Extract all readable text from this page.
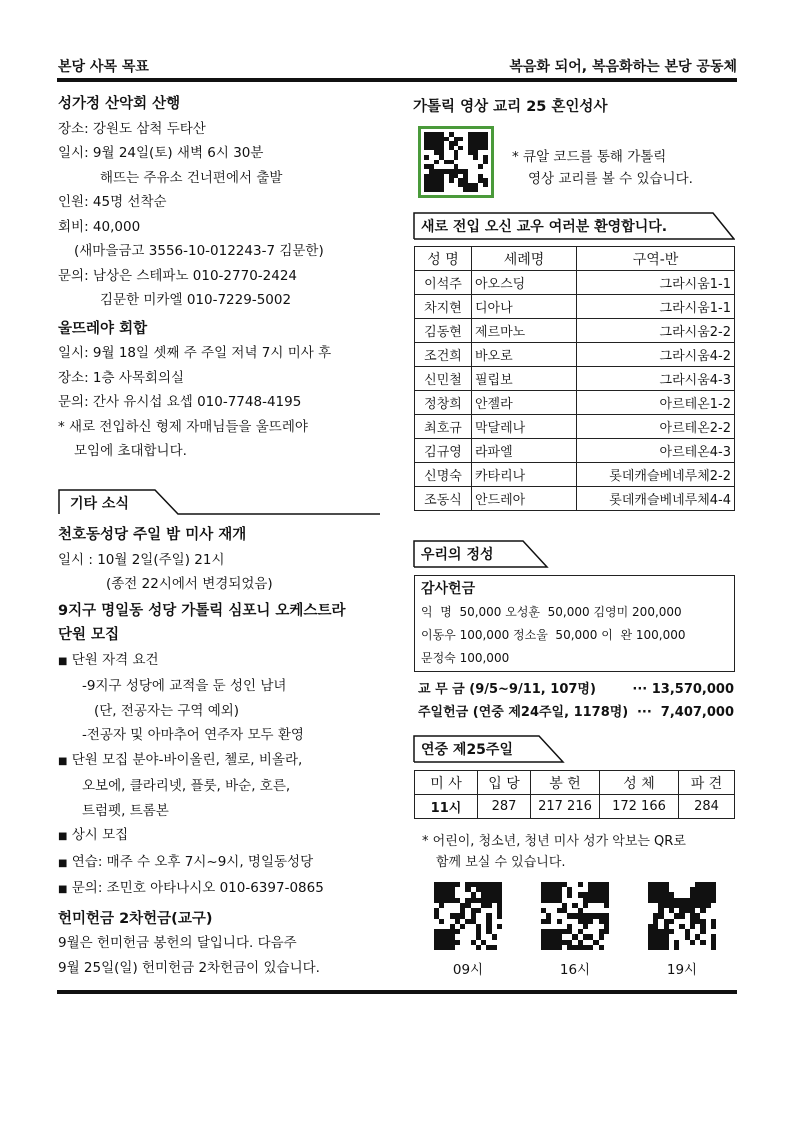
본당 사목 목표	복음화 되어, 복음화하는 본당 공동체

성가정 산악회 산행

장소: 강원도 삼척 두타산

일시: 9월 24일(토) 새벽 6시 30분

해뜨는 주유소 건너편에서 출발

인원: 45명 선착순

회비: 40,000

(새마을금고 3556-10-012243-7 김문한)

문의: 남상은 스테파노 010-2770-2424

김문한 미카엘 010-7229-5002

울뜨레야 회합

일시: 9월 18일 셋째 주 주일 저녁 7시 미사 후

장소: 1층 사목회의실

문의: 간사 유시섭 요셉 010-7748-4195

* 새로 전입하신 형제 자매님들을 울뜨레야

모임에 초대합니다.

기타 소식

천호동성당 주일 밤 미사 재개

일시 : 10월 2일(주일) 21시

(종전 22시에서 변경되었음)

9지구 명일동 성당 가톨릭 심포니 오케스트라

단원 모집

■ 단원 자격 요건

-9지구 성당에 교적을 둔 성인 남녀

(단, 전공자는 구역 예외)

-전공자 및 아마추어 연주자 모두 환영

■ 단원 모집 분야-바이올린, 첼로, 비올라,

오보에, 클라리넷, 플룻, 바순, 호른,

트럼펫, 트롬본

■ 상시 모집

■ 연습: 매주 수 오후 7시~9시, 명일동성당

■ 문의: 조민호 아타나시오 010-6397-0865

헌미헌금 2차헌금(교구)

9월은 헌미헌금 봉헌의 달입니다. 다음주

9월 25일(일) 헌미헌금 2차헌금이 있습니다.

가톨릭 영상 교리 25 혼인성사
* 큐알 코드를 통해 가톨릭
영상 교리를 볼 수 있습니다.
새로 전입 오신 교우 여러분 환영합니다.
성 명	세례명	구역-반
이석주	아오스딩	그라시움1-1
차지현	디아나	그라시움1-1
김동현	제르마노	그라시움2-2
조건희	바오로	그라시움4-2
신민철	필립보	그라시움4-3
정창희	안젤라	아르테온1-2
최호규	막달레나	아르테온2-2
김규영	라파엘	아르테온4-3
신명숙	카타리나	롯데캐슬베네루체2-2
조동식	안드레아	롯데캐슬베네루체4-4
우리의 정성
감사헌금
익  명  50,000 오성훈  50,000 김영미 200,000
이동우 100,000 정소울  50,000 이  완 100,000
문정숙 100,000
교 무 금 (9/5~9/11, 107명)	··· 13,570,000
주일헌금 (연중 제24주일, 1178명) ···  7,407,000
연중 제25주일
미 사	입 당	봉 헌	성 체	파 견
11시	287	217 216	172 166	284
* 어린이, 청소년, 청년 미사 성가 악보는 QR로
함께 보실 수 있습니다.
09시	16시	19시
